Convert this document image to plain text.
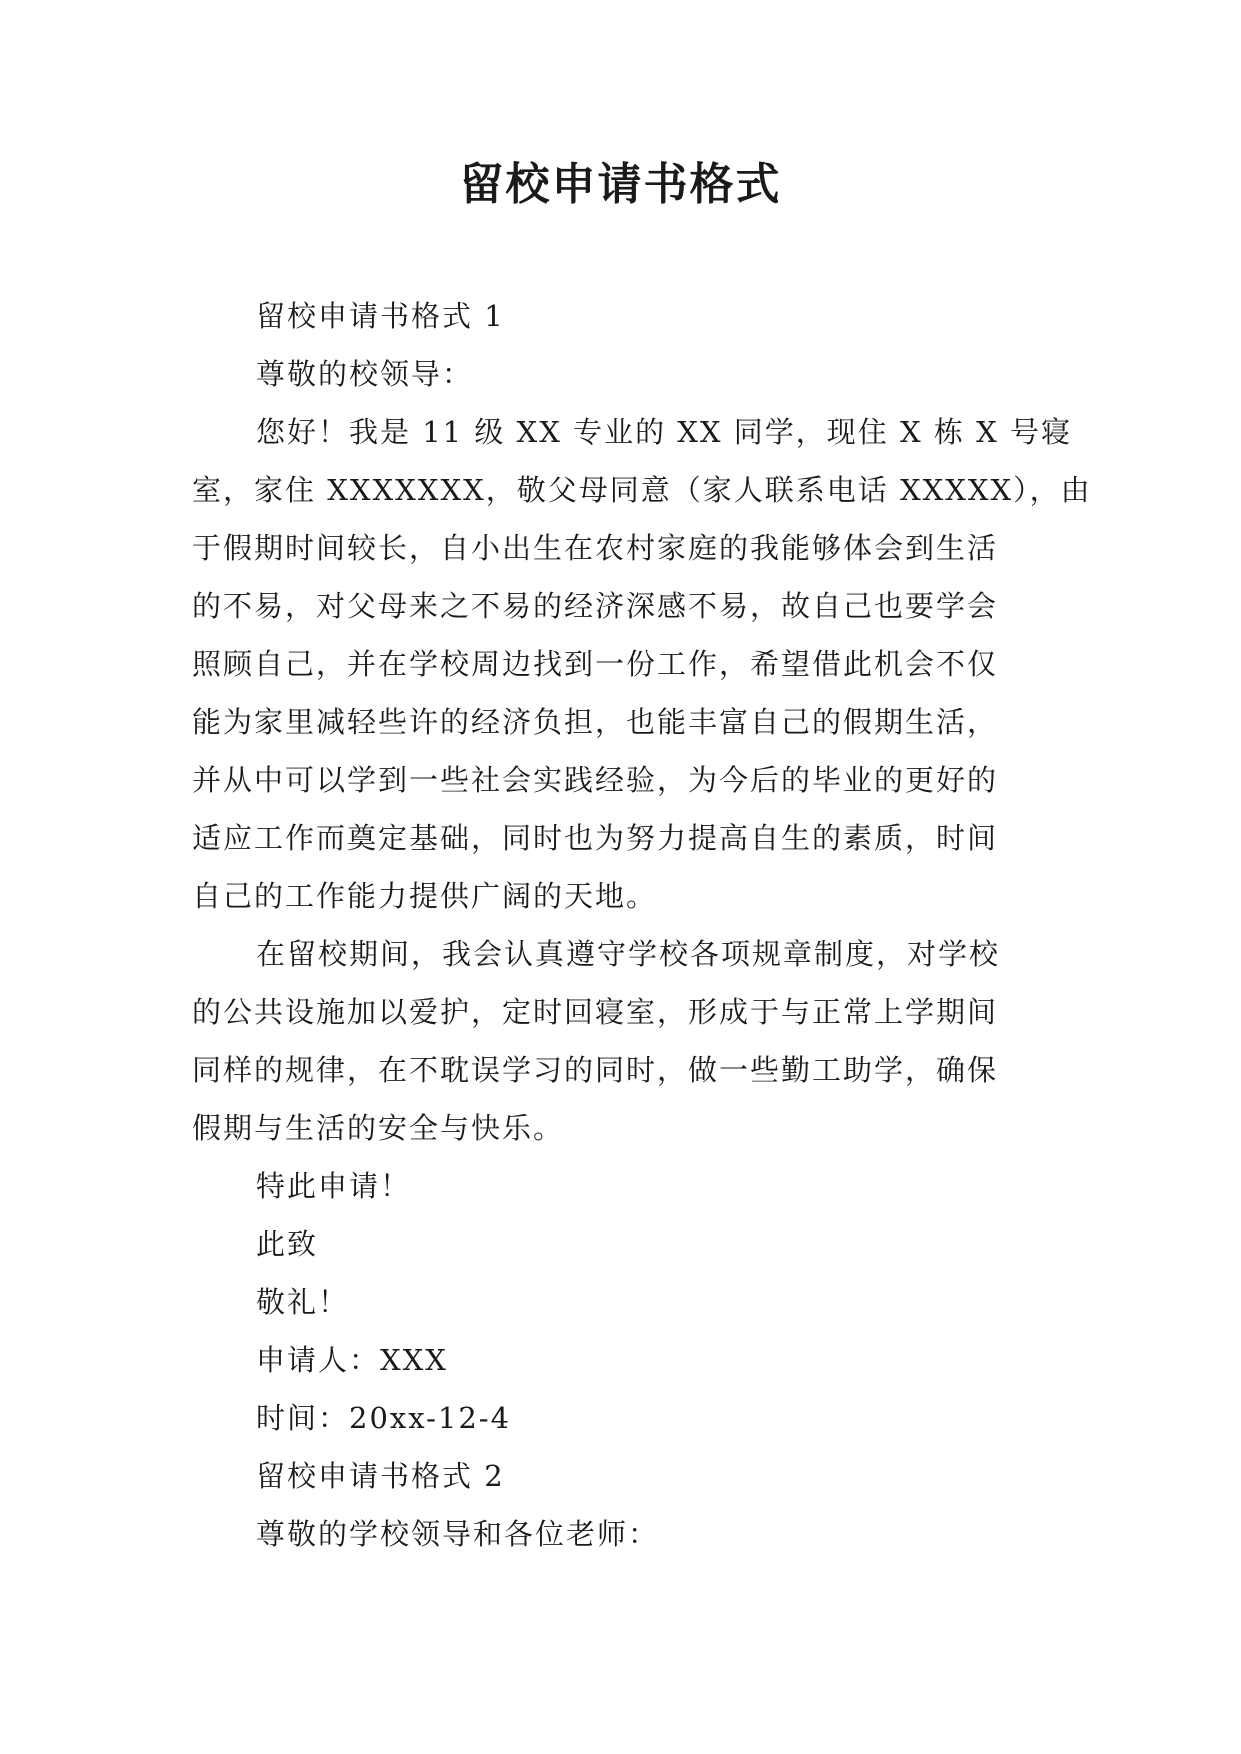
留校申请书格式
留校申请书格式 1
尊敬的校领导：
您好！我是 11 级 XX 专业的 XX 同学，现住 X 栋 X 号寝
室，家住 XXXXXXX，敬父母同意（家人联系电话 XXXXX），由
于假期时间较长，自小出生在农村家庭的我能够体会到生活
的不易，对父母来之不易的经济深感不易，故自己也要学会
照顾自己，并在学校周边找到一份工作，希望借此机会不仅
能为家里减轻些许的经济负担，也能丰富自己的假期生活，
并从中可以学到一些社会实践经验，为今后的毕业的更好的
适应工作而奠定基础，同时也为努力提高自生的素质，时间
自己的工作能力提供广阔的天地。
在留校期间，我会认真遵守学校各项规章制度，对学校
的公共设施加以爱护，定时回寝室，形成于与正常上学期间
同样的规律，在不耽误学习的同时，做一些勤工助学，确保
假期与生活的安全与快乐。
特此申请！
此致
敬礼！
申请人：XXX
时间：20xx-12-4
留校申请书格式 2
尊敬的学校领导和各位老师：
